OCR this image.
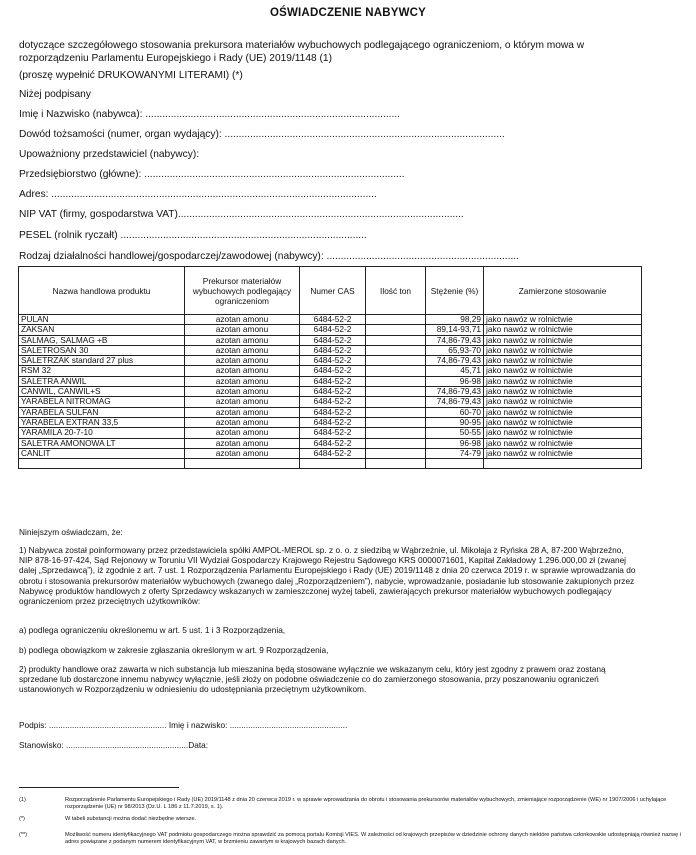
OŚWIADCZENIE NABYWCY
dotyczące szczegółowego stosowania prekursora materiałów wybuchowych podlegającego ograniczeniom, o którym mowa w rozporządzeniu Parlamentu Europejskiego i Rady (UE) 2019/1148 (1)
(proszę wypełnić DRUKOWANYMI LITERAMI) (*)
Niżej podpisany
Imię i Nazwisko (nabywca): ..........................................................................................
Dowód tożsamości (numer, organ wydający): ...................................................................................................
Upoważniony przedstawiciel (nabywcy):
Przedsiębiorstwo (główne): ............................................................................................
Adres: ...................................................................................................................
NIP VAT (firmy, gospodarstwa VAT).....................................................................................................
PESEL (rolnik ryczałt) .......................................................................................
Rodzaj działalności handlowej/gospodarczej/zawodowej (nabywcy): ....................................................................
Nazwa handlowa produktu	Prekursor materiałów wybuchowych podlegający ograniczeniom	Numer CAS	Ilość ton	Stężenie (%)	Zamierzone stosowanie
PULAN	azotan amonu	6484-52-2		98,29	jako nawóz w rolnictwie
ZAKSAN	azotan amonu	6484-52-2		89,14-93,71	jako nawóz w rolnictwie
SALMAG, SALMAG +B	azotan amonu	6484-52-2		74,86-79,43	jako nawóz w rolnictwie
SALETROSAN 30	azotan amonu	6484-52-2		65,93-70	jako nawóz w rolnictwie
SALETRZAK standard 27 plus	azotan amonu	6484-52-2		74,86-79,43	jako nawóz w rolnictwie
RSM 32	azotan amonu	6484-52-2		45,71	jako nawóz w rolnictwie
SALETRA ANWIL	azotan amonu	6484-52-2		96-98	jako nawóz w rolnictwie
CANWIL, CANWIL+S	azotan amonu	6484-52-2		74,86-79,43	jako nawóz w rolnictwie
YARABELA NITROMAG	azotan amonu	6484-52-2		74,86-79,43	jako nawóz w rolnictwie
YARABELA SULFAN	azotan amonu	6484-52-2		60-70	jako nawóz w rolnictwie
YARABELA EXTRAN 33,5	azotan amonu	6484-52-2		90-95	jako nawóz w rolnictwie
YARAMILA 20-7-10	azotan amonu	6484-52-2		50-55	jako nawóz w rolnictwie
SALETRA AMONOWA LT	azotan amonu	6484-52-2		96-98	jako nawóz w rolnictwie
CANLIT	azotan amonu	6484-52-2		74-79	jako nawóz w rolnictwie

Niniejszym oświadczam, że:

1) Nabywca został poinformowany przez przedstawiciela spółki AMPOL-MEROL sp. z o. o. z siedzibą w Wąbrzeźnie, ul. Mikołaja z Ryńska 28 A, 87-200 Wąbrzeźno, NIP 878-16-97-424, Sąd Rejonowy w Toruniu VII Wydział Gospodarczy Krajowego Rejestru Sądowego KRS 0000071601, Kapitał Zakładowy 1.296.000,00 zł (zwanej dalej „Sprzedawcą”), iż zgodnie z art. 7 ust. 1 Rozporządzenia Parlamentu Europejskiego i Rady (UE) 2019/1148 z dnia 20 czerwca 2019 r. w sprawie wprowadzania do obrotu i stosowania prekursorów materiałów wybuchowych (zwanego dalej „Rozporządzeniem”), nabycie, wprowadzanie, posiadanie lub stosowanie zakupionych przez Nabywcę produktów handlowych z oferty Sprzedawcy wskazanych w zamieszczonej wyżej tabeli, zawierających prekursor materiałów wybuchowych podlegający ograniczeniom przez przeciętnych użytkowników:

a) podlega ograniczeniu określonemu w art. 5 ust. 1 i 3 Rozporządzenia,

b) podlega obowiązkom w zakresie zgłaszania określonym w art. 9 Rozporządzenia,

2) produkty handlowe oraz zawarta w nich substancja lub mieszanina będą stosowane wyłącznie we wskazanym celu, który jest zgodny z prawem oraz zostaną sprzedane lub dostarczone innemu nabywcy wyłącznie, jeśli złoży on podobne oświadczenie co do zamierzonego stosowania, przy poszanowaniu ograniczeń ustanowionych w Rozporządzeniu w odniesieniu do udostępniania przeciętnym użytkownikom.

Podpis: ................................................... Imię i nazwisko: ...................................................
Stanowisko: .....................................................Data:
(1)	Rozporządzenie Parlamentu Europejskiego i Rady (UE) 2019/1148 z dnia 20 czerwca 2019 r. w sprawie wprowadzania do obrotu i stosowania prekursorów materiałów wybuchowych, zmieniające rozporządzenie (WE) nr 1907/2006 i uchylające rozporządzenie (UE) nr 98/2013 (Dz.U. L 186 z 11.7.2019, s. 1).
(*)	W tabeli substancji można dodać niezbędne wiersze.
(**)	Możliwość numeru identyfikacyjnego VAT podmiotu gospodarczego można sprawdzić za pomocą portalu Komisji VIES. W zależności od krajowych przepisów w dziedzinie ochrony danych niektóre państwa członkowskie udostępniają również nazwę i adres powiązane z podanym numerem identyfikacyjnym VAT, w brzmieniu zawartym w krajowych bazach danych.
